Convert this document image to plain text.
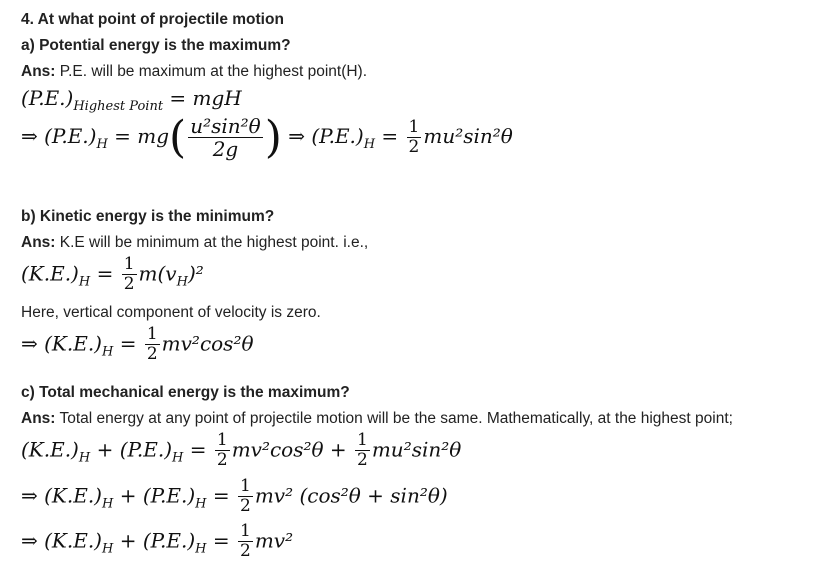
4. At what point of projectile motion
a) Potential energy is the maximum?
Ans: P.E. will be maximum at the highest point(H).
$(P.E.)_{Highest Point}$ = mgH
⇒ $(P.E.)_H = mg( \frac{\text{u²sin²θ}}{2g}$ ) ⇒ $(P.E.)_H = \frac{1}{2} mu^2\sin^2\theta$
b) Kinetic energy is the minimum?
Ans: K.E will be minimum at the highest point. i.e.,
$(K.E.)_H = \frac{1}{2} m(v_H)^2$
Here, vertical component of velocity is zero.
⇒ $(K.E.)_H = \frac{1}{2} mv^2\cos^2\theta$
c) Total mechanical energy is the maximum?
Ans: Total energy at any point of projectile motion will be the same. Mathematically, at the highest point;
$(K.E.)_H + (P.E.)_H = \frac{1}{2} mv^2\cos^2\theta + \frac{1}{2} mu^2\sin^2\theta$
⇒ $(K.E.)_H + (P.E.)_H = \frac{1}{2} mv^2$ (cos²θ + sin²θ)
⇒ $(K.E.)_H + (P.E.)_H = \frac{1}{2} mv^2$
